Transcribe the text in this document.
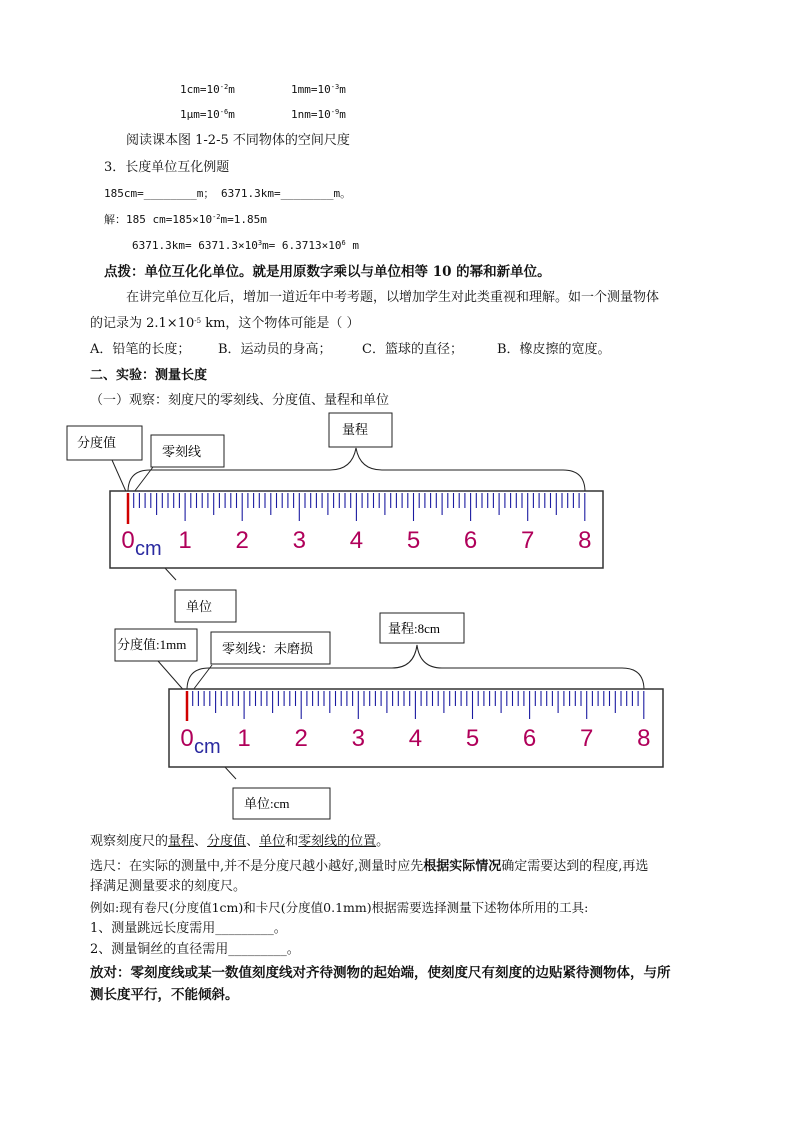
$1cm=10^{-2}m$	$1mm=10^{-3}m$
$1\mu m=10^{-6}m$	$1nm=10^{-9}m$
阅读课本图 1-2-5 不同物体的空间尺度
3．长度单位互化例题
185cm=________m； 6371.3km=________m。
解：185 $cm=185\times 10^{-2}m=1.85m$
$6371.3km= 6371.3\times 10^3m= 6.3713\times 10^6$ m
点拨：单位互化化单位。就是用原数字乘以与单位相等 10 的幂和新单位。
在讲完单位互化后，增加一道近年中考考题，以增加学生对此类重视和理解。如一个测量物体
的记录为 $2.1\times 10^{-5}$ km，这个物体可能是（ ）
A．铅笔的长度； B．运动员的身高； C．篮球的直径；	B．橡皮擦的宽度。
二、实验：测量长度
（一）观察：刻度尺的零刻线、分度值、量程和单位
分度值
零刻线
量程
单位
0 1 2 3 4 5 6 7 8
cm
分度值:1mm	零刻线：未磨损
量程:8cm
单位:cm
0 1 2 3 4 5 6 7 8
cm
观察刻度尺的量程、分度值、单位和零刻线的位置。
选尺：在实际的测量中,并不是分度尺越小越好,测量时应先根据实际情况确定需要达到的程度,再选
择满足测量要求的刻度尺。
例如:现有卷尺(分度值1cm)和卡尺(分度值0.1mm)根据需要选择测量下述物体所用的工具:
1、测量跳远长度需用_________。
2、测量铜丝的直径需用_________。
放对：零刻度线或某一数值刻度线对齐待测物的起始端，使刻度尺有刻度的边贴紧待测物体，与所
测长度平行，不能倾斜。
